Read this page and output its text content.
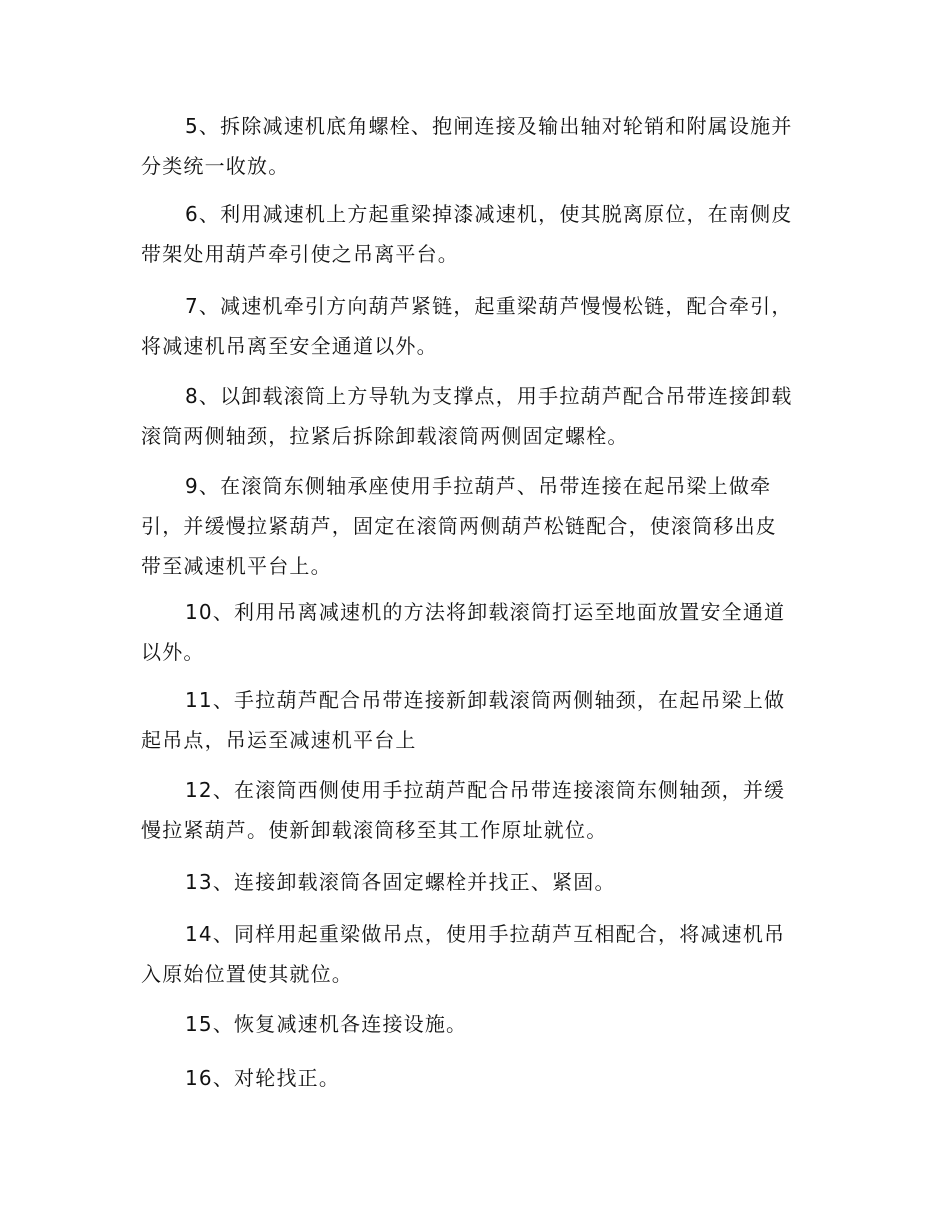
5、拆除减速机底角螺栓、抱闸连接及输出轴对轮销和附属设施并
分类统一收放。

6、利用减速机上方起重梁掉漆减速机，使其脱离原位，在南侧皮
带架处用葫芦牵引使之吊离平台。

7、减速机牵引方向葫芦紧链，起重梁葫芦慢慢松链，配合牵引，
将减速机吊离至安全通道以外。

8、以卸载滚筒上方导轨为支撑点，用手拉葫芦配合吊带连接卸载
滚筒两侧轴颈，拉紧后拆除卸载滚筒两侧固定螺栓。

9、在滚筒东侧轴承座使用手拉葫芦、吊带连接在起吊梁上做牵
引，并缓慢拉紧葫芦，固定在滚筒两侧葫芦松链配合，使滚筒移出皮
带至减速机平台上。

10、利用吊离减速机的方法将卸载滚筒打运至地面放置安全通道
以外。

11、手拉葫芦配合吊带连接新卸载滚筒两侧轴颈，在起吊梁上做
起吊点，吊运至减速机平台上

12、在滚筒西侧使用手拉葫芦配合吊带连接滚筒东侧轴颈，并缓
慢拉紧葫芦。使新卸载滚筒移至其工作原址就位。

13、连接卸载滚筒各固定螺栓并找正、紧固。

14、同样用起重梁做吊点，使用手拉葫芦互相配合，将减速机吊
入原始位置使其就位。

15、恢复减速机各连接设施。

16、对轮找正。
